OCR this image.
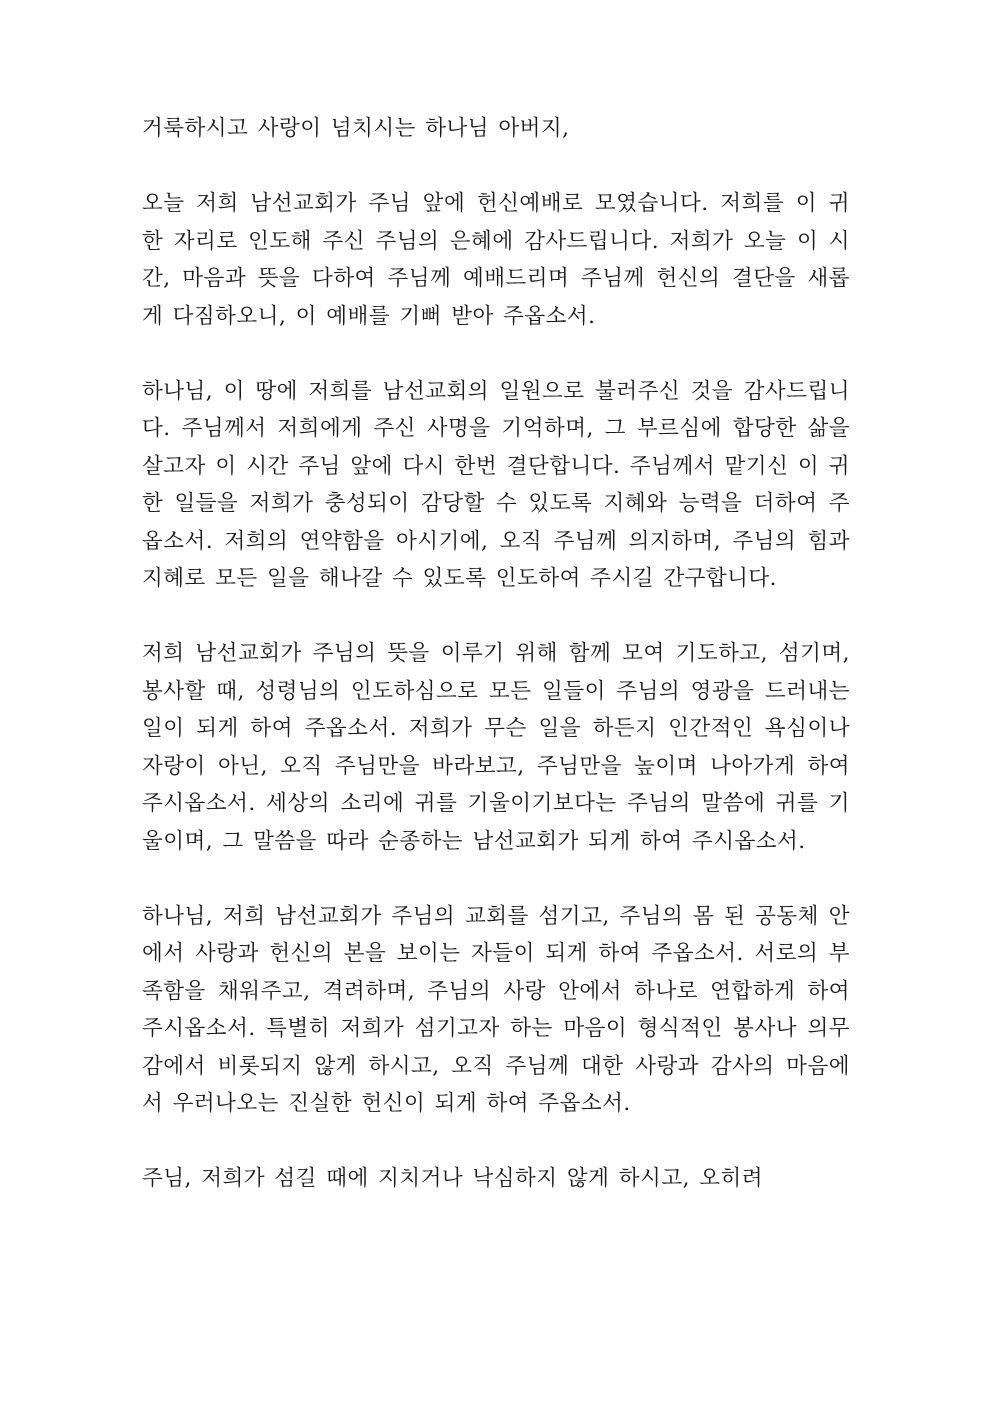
거룩하시고 사랑이 넘치시는 하나님 아버지,

오늘 저희 남선교회가 주님 앞에 헌신예배로 모였습니다. 저희를 이 귀한 자리로 인도해 주신 주님의 은혜에 감사드립니다. 저희가 오늘 이 시간, 마음과 뜻을 다하여 주님께 예배드리며 주님께 헌신의 결단을 새롭게 다짐하오니, 이 예배를 기뻐 받아 주옵소서.

하나님, 이 땅에 저희를 남선교회의 일원으로 불러주신 것을 감사드립니다. 주님께서 저희에게 주신 사명을 기억하며, 그 부르심에 합당한 삶을 살고자 이 시간 주님 앞에 다시 한번 결단합니다. 주님께서 맡기신 이 귀한 일들을 저희가 충성되이 감당할 수 있도록 지혜와 능력을 더하여 주옵소서. 저희의 연약함을 아시기에, 오직 주님께 의지하며, 주님의 힘과 지혜로 모든 일을 해나갈 수 있도록 인도하여 주시길 간구합니다.

저희 남선교회가 주님의 뜻을 이루기 위해 함께 모여 기도하고, 섬기며, 봉사할 때, 성령님의 인도하심으로 모든 일들이 주님의 영광을 드러내는 일이 되게 하여 주옵소서. 저희가 무슨 일을 하든지 인간적인 욕심이나 자랑이 아닌, 오직 주님만을 바라보고, 주님만을 높이며 나아가게 하여 주시옵소서. 세상의 소리에 귀를 기울이기보다는 주님의 말씀에 귀를 기울이며, 그 말씀을 따라 순종하는 남선교회가 되게 하여 주시옵소서.

하나님, 저희 남선교회가 주님의 교회를 섬기고, 주님의 몸 된 공동체 안에서 사랑과 헌신의 본을 보이는 자들이 되게 하여 주옵소서. 서로의 부족함을 채워주고, 격려하며, 주님의 사랑 안에서 하나로 연합하게 하여 주시옵소서. 특별히 저희가 섬기고자 하는 마음이 형식적인 봉사나 의무감에서 비롯되지 않게 하시고, 오직 주님께 대한 사랑과 감사의 마음에서 우러나오는 진실한 헌신이 되게 하여 주옵소서.

주님, 저희가 섬길 때에 지치거나 낙심하지 않게 하시고, 오히려
